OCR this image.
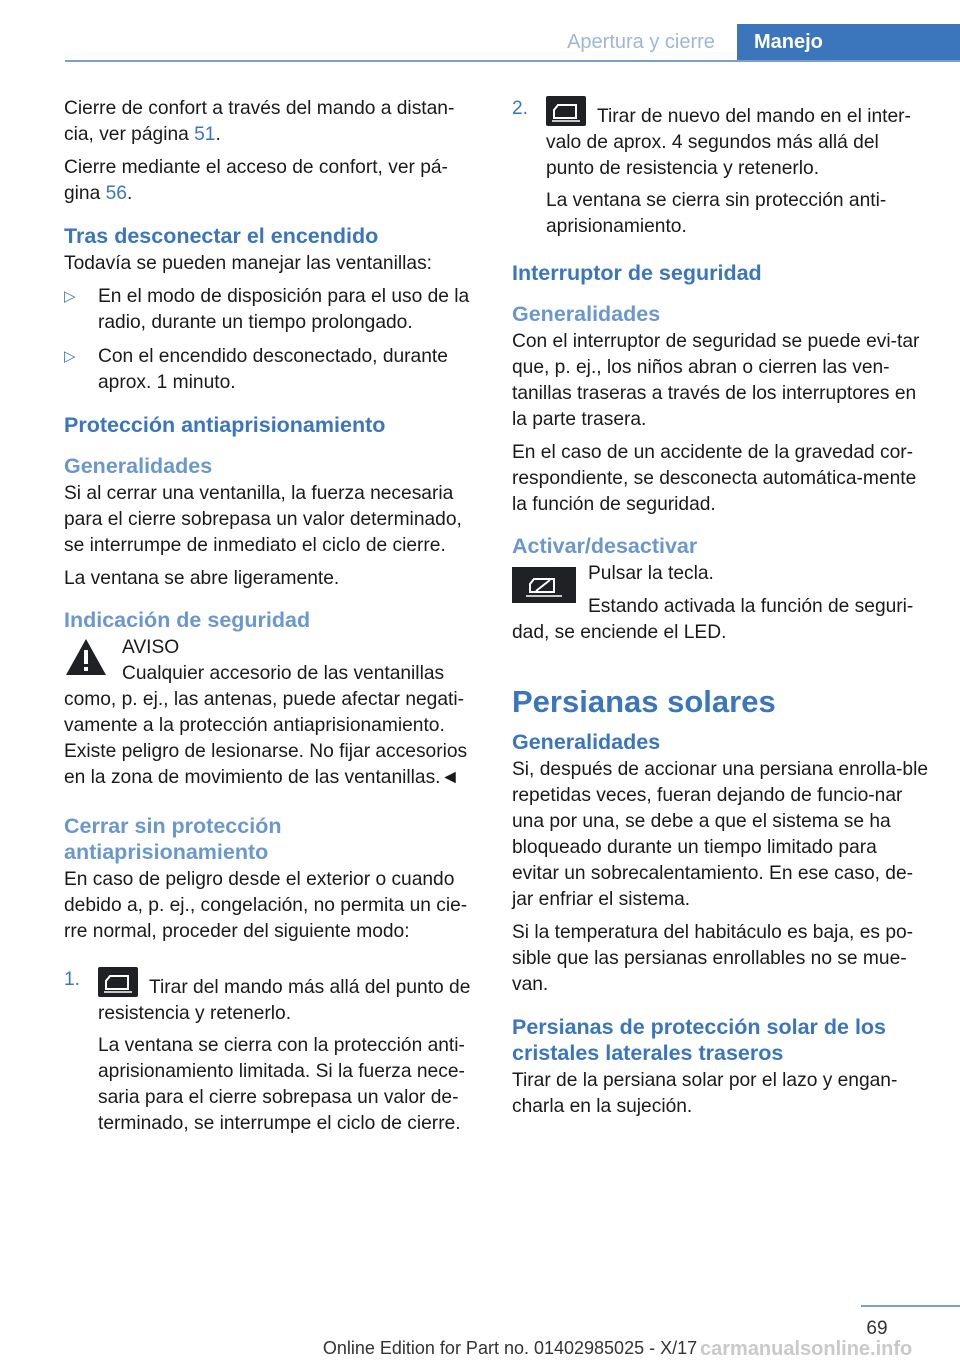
Apertura y cierre	Manejo

Cierre de confort a través del mando a distan-cia, ver página 51.

Cierre mediante el acceso de confort, ver pá-gina 56.

Tras desconectar el encendido

Todavía se pueden manejar las ventanillas:

▷ En el modo de disposición para el uso de la radio, durante un tiempo prolongado.
▷ Con el encendido desconectado, durante aprox. 1 minuto.
Protección antiaprisionamiento
Generalidades

Si al cerrar una ventanilla, la fuerza necesaria para el cierre sobrepasa un valor determinado, se interrumpe de inmediato el ciclo de cierre.

La ventana se abre ligeramente.

Indicación de seguridad

AVISO

Cualquier accesorio de las ventanillas como, p. ej., las antenas, puede afectar negati-vamente a la protección antiaprisionamiento. Existe peligro de lesionarse. No fijar accesorios en la zona de movimiento de las ventanillas.◄

Cerrar sin protección antiaprisionamiento

En caso de peligro desde el exterior o cuando debido a, p. ej., congelación, no permita un cie-rre normal, proceder del siguiente modo:

1.	Tirar del mando más allá del punto de resistencia y retenerlo.
La ventana se cierra con la protección anti-aprisionamiento limitada. Si la fuerza nece-saria para el cierre sobrepasa un valor de-terminado, se interrumpe el ciclo de cierre.
2.	Tirar de nuevo del mando en el inter-valo de aprox. 4 segundos más allá del punto de resistencia y retenerlo.
La ventana se cierra sin protección anti-aprisionamiento.
Interruptor de seguridad
Generalidades

Con el interruptor de seguridad se puede evi-tar que, p. ej., los niños abran o cierren las ven-tanillas traseras a través de los interruptores en la parte trasera.

En el caso de un accidente de la gravedad cor-respondiente, se desconecta automática-mente la función de seguridad.

Activar/desactivar

Pulsar la tecla.

Estando activada la función de seguri-dad, se enciende el LED.

Persianas solares
Generalidades

Si, después de accionar una persiana enrolla-ble repetidas veces, fueran dejando de funcio-nar una por una, se debe a que el sistema se ha bloqueado durante un tiempo limitado para evitar un sobrecalentamiento. En ese caso, de-jar enfriar el sistema.

Si la temperatura del habitáculo es baja, es po-sible que las persianas enrollables no se mue-van.

Persianas de protección solar de los cristales laterales traseros

Tirar de la persiana solar por el lazo y engan-charla en la sujeción.

69
Online Edition for Part no. 01402985025 - X/17 carmanualsonline.info
